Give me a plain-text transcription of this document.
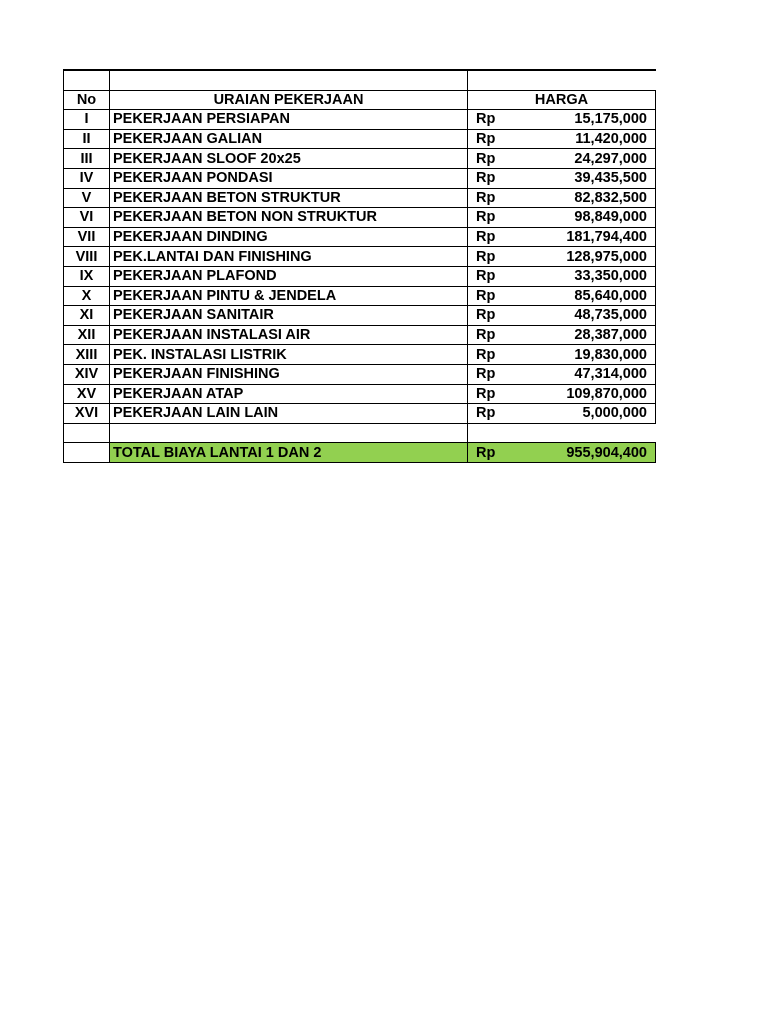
No	URAIAN PEKERJAAN	HARGA	
I	PEKERJAAN PERSIAPAN	Rp	15,175,000
II	PEKERJAAN GALIAN	Rp	11,420,000
III	PEKERJAAN SLOOF 20x25	Rp	24,297,000
IV	PEKERJAAN PONDASI	Rp	39,435,500
V	PEKERJAAN BETON STRUKTUR	Rp	82,832,500
VI	PEKERJAAN BETON NON STRUKTUR	Rp	98,849,000
VII	PEKERJAAN DINDING	Rp	181,794,400
VIII	PEK.LANTAI DAN FINISHING	Rp	128,975,000
IX	PEKERJAAN PLAFOND	Rp	33,350,000
X	PEKERJAAN PINTU & JENDELA	Rp	85,640,000
XI	PEKERJAAN SANITAIR	Rp	48,735,000
XII	PEKERJAAN INSTALASI AIR	Rp	28,387,000
XIII	PEK. INSTALASI LISTRIK	Rp	19,830,000
XIV	PEKERJAAN FINISHING	Rp	47,314,000
XV	PEKERJAAN ATAP	Rp	109,870,000
XVI	PEKERJAAN LAIN LAIN	Rp	5,000,000

	TOTAL BIAYA LANTAI 1 DAN 2	Rp	955,904,400
